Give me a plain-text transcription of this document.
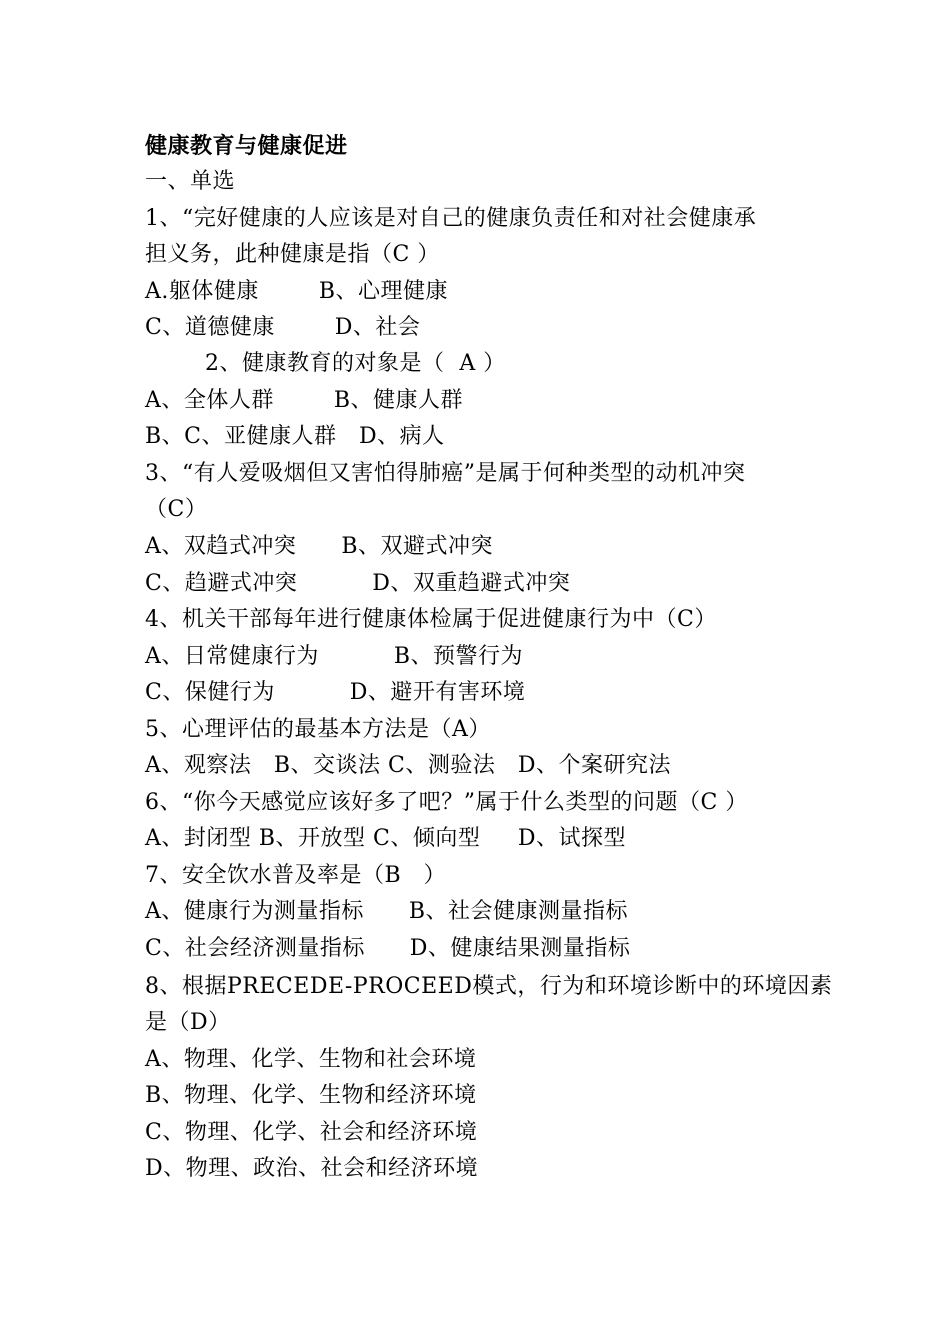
健康教育与健康促进
一、单选
1、“完好健康的人应该是对自己的健康负责任和对社会健康承
担义务，此种健康是指（C ）
A.躯体健康        B、心理健康
C、道德健康        D、社会
2、健康教育的对象是（  A ）
A、全体人群        B、健康人群
B、C、亚健康人群   D、病人
3、“有人爱吸烟但又害怕得肺癌”是属于何种类型的动机冲突
（C）
A、双趋式冲突      B、双避式冲突
C、趋避式冲突          D、双重趋避式冲突
4、机关干部每年进行健康体检属于促进健康行为中（C）
A、日常健康行为          B、预警行为
C、保健行为          D、避开有害环境
5、心理评估的最基本方法是（A）
A、观察法   B、交谈法 C、测验法   D、个案研究法
6、“你今天感觉应该好多了吧？”属于什么类型的问题（C ）
A、封闭型 B、开放型 C、倾向型     D、试探型
7、安全饮水普及率是（B   ）
A、健康行为测量指标      B、社会健康测量指标
C、社会经济测量指标      D、健康结果测量指标
8、根据PRECEDE-PROCEED模式，行为和环境诊断中的环境因素
是（D）
A、物理、化学、生物和社会环境
B、物理、化学、生物和经济环境
C、物理、化学、社会和经济环境
D、物理、政治、社会和经济环境
